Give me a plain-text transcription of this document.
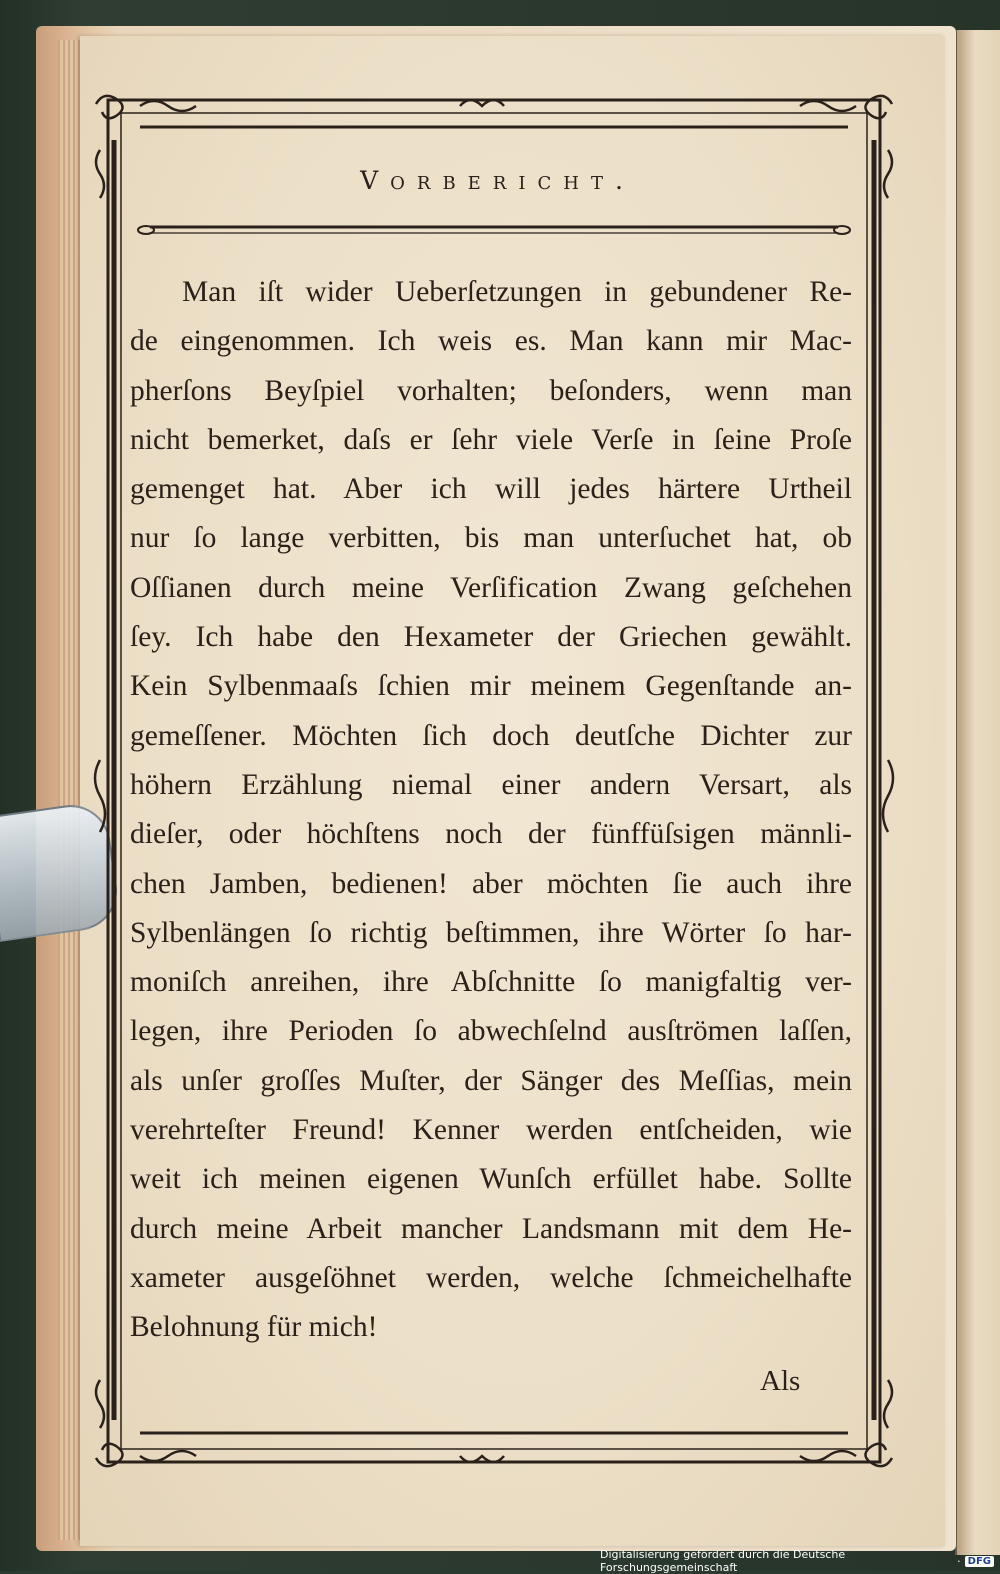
Vorbericht.
Man iſt wider Ueberſetzungen in gebundener Re-
de eingenommen. Ich weis es. Man kann mir Mac-
pherſons Beyſpiel vorhalten; beſonders, wenn man
nicht bemerket, daſs er ſehr viele Verſe in ſeine Proſe
gemenget hat. Aber ich will jedes härtere Urtheil
nur ſo lange verbitten, bis man unterſuchet hat, ob
Oſſianen durch meine Verſification Zwang geſchehen
ſey. Ich habe den Hexameter der Griechen gewählt.
Kein Sylbenmaaſs ſchien mir meinem Gegenſtande an-
gemeſſener. Möchten ſich doch deutſche Dichter zur
höhern Erzählung niemal einer andern Versart, als
dieſer, oder höchſtens noch der fünffüſsigen männli-
chen Jamben, bedienen! aber möchten ſie auch ihre
Sylbenlängen ſo richtig beſtimmen, ihre Wörter ſo har-
moniſch anreihen, ihre Abſchnitte ſo manigfaltig ver-
legen, ihre Perioden ſo abwechſelnd ausſtrömen laſſen,
als unſer groſſes Muſter, der Sänger des Meſſias, mein
verehrteſter Freund! Kenner werden entſcheiden, wie
weit ich meinen eigenen Wunſch erfüllet habe. Sollte
durch meine Arbeit mancher Landsmann mit dem He-
xameter ausgeſöhnet werden, welche ſchmeichelhafte
Belohnung für mich!
Als
Digitalisierung gefördert durch die Deutsche Forschungsgemeinschaft	· DFG
